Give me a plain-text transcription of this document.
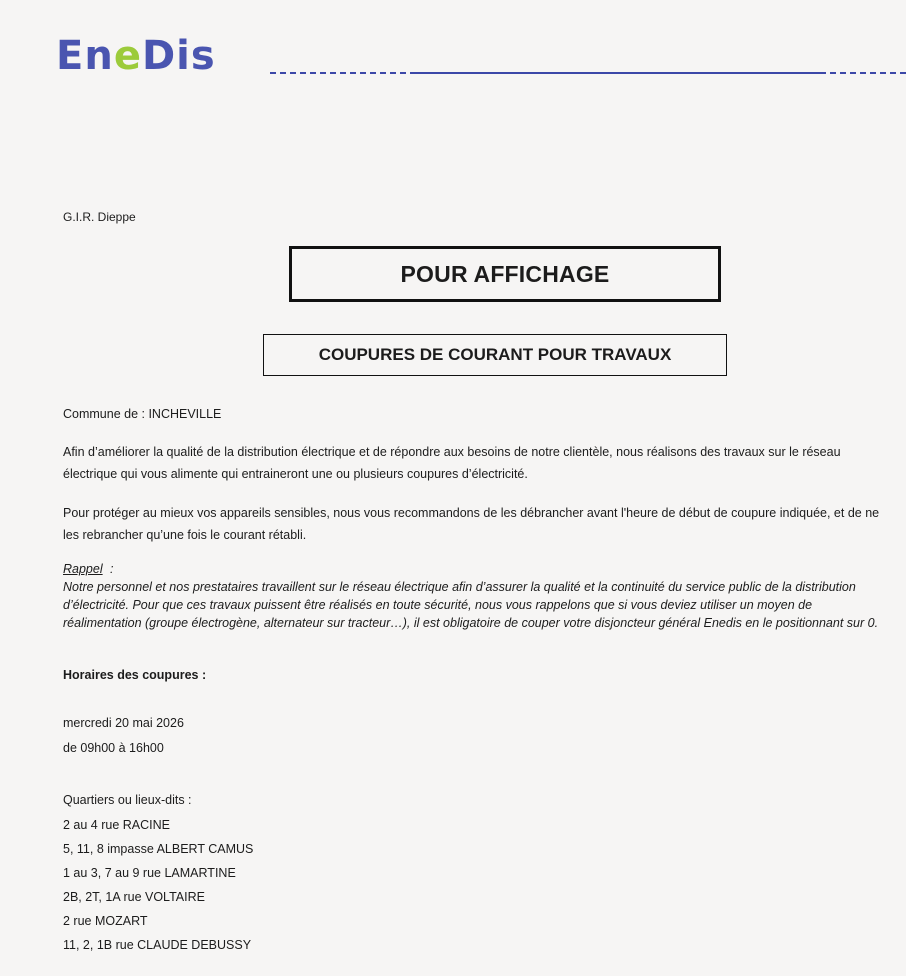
EneDis
G.I.R. Dieppe
POUR AFFICHAGE
COUPURES DE COURANT POUR TRAVAUX
Commune de : INCHEVILLE
Afin d’améliorer la qualité de la distribution électrique et de répondre aux besoins de notre clientèle, nous réalisons des travaux sur le réseau électrique qui vous alimente qui entraineront une ou plusieurs coupures d’électricité.
Pour protéger au mieux vos appareils sensibles, nous vous recommandons de les débrancher avant l'heure de début de coupure indiquée, et de ne les rebrancher qu’une fois le courant rétabli.
Rappel :
Notre personnel et nos prestataires travaillent sur le réseau électrique afin d’assurer la qualité et la continuité du service public de la distribution d’électricité. Pour que ces travaux puissent être réalisés en toute sécurité, nous vous rappelons que si vous deviez utiliser un moyen de réalimentation (groupe électrogène, alternateur sur tracteur…), il est obligatoire de couper votre disjoncteur général Enedis en le positionnant sur 0.
Horaires des coupures :
mercredi 20 mai 2026
de 09h00 à 16h00
Quartiers ou lieux-dits :
2 au 4 rue RACINE
5, 11, 8 impasse ALBERT CAMUS
1 au 3, 7 au 9 rue LAMARTINE
2B, 2T, 1A rue VOLTAIRE
2 rue MOZART
11, 2, 1B rue CLAUDE DEBUSSY
